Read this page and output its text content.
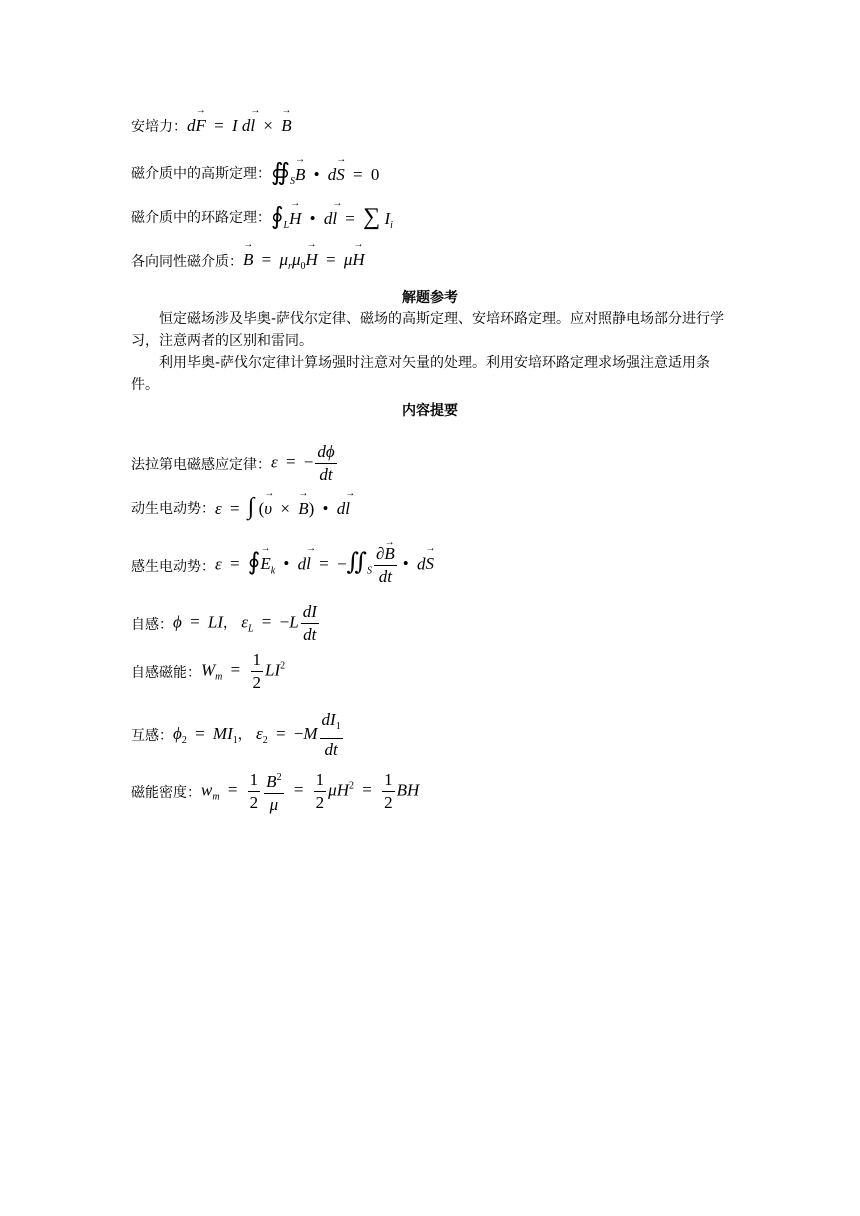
安培力： d→ F = I d→ l × → B
磁介质中的高斯定理： $∯_S\to B$ • d→ S = 0
磁介质中的环路定理： $∮_L\to H$ • d→ l = ∑ $I_i$
各向同性磁介质： → $B = \mu_r\mu_0\to H = \mu\to H$
解题参考
恒定磁场涉及毕奥-萨伐尔定律、磁场的高斯定理、安培环路定理。应对照静电场部分进行学习，注意两者的区别和雷同。
利用毕奥-萨伐尔定律计算场强时注意对矢量的处理。利用安培环路定理求场强注意适用条件。
内容提要
法拉第电磁感应定律： ε = − $\frac{d\phi}{dt}$
动生电动势： ε = ∫ (→ υ × → B) • d→ l
感生电动势： ε = ∮→ $E_k$ • $d\to l = -∬_S \frac{\partial\to B}{dt}$ • d→ S
自感： ϕ = LI， $\varepsilon_L = -L \frac{dI}{dt}$
自感磁能： $W_m = \frac{1}{2} LI^2$
互感： $\phi_2 = MI_1$， $\varepsilon_2 = -M \frac{dI_1}{dt}$
磁能密度： $w_m = \frac{1}{2} \frac{B^2}{\mu} = \frac{1}{2} \mu H^2 = \frac{1}{2}$ BH
